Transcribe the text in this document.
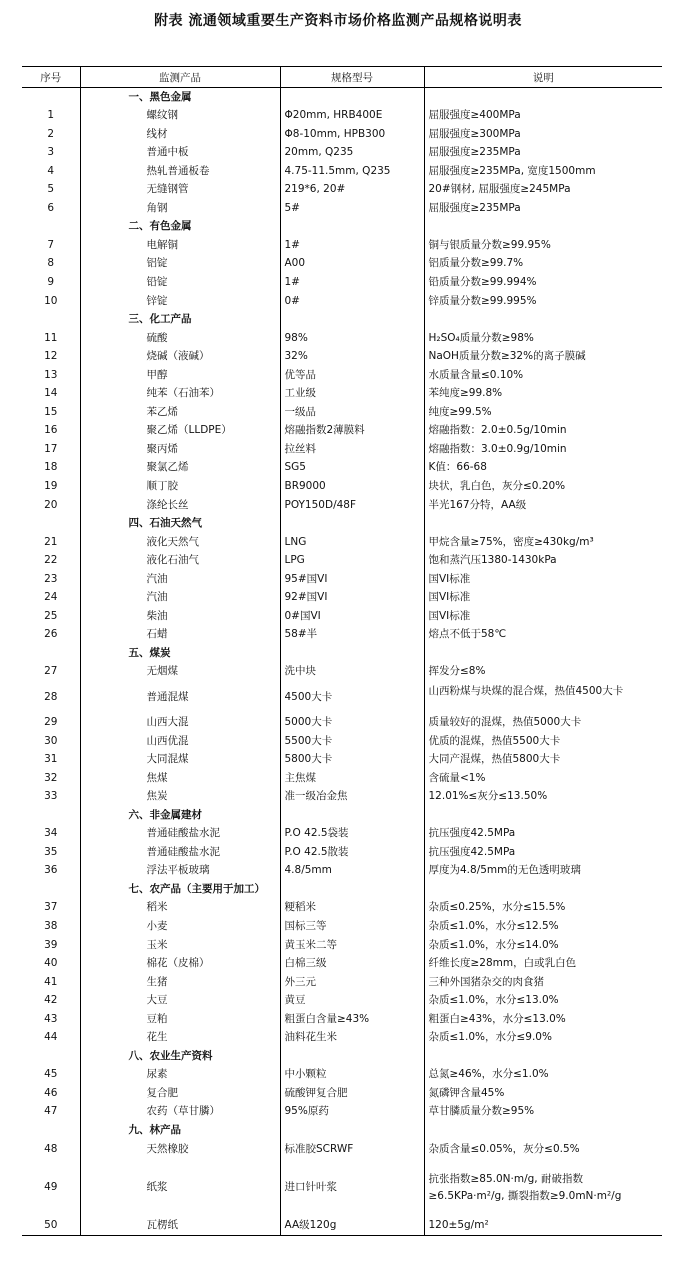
附表 流通领域重要生产资料市场价格监测产品规格说明表
序号	监测产品	规格型号	说明
	一、黑色金属		
1	螺纹钢	Φ20mm, HRB400E	屈服强度≥400MPa
2	线材	Φ8-10mm, HPB300	屈服强度≥300MPa
3	普通中板	20mm, Q235	屈服强度≥235MPa
4	热轧普通板卷	4.75-11.5mm, Q235	屈服强度≥235MPa, 宽度1500mm
5	无缝钢管	219*6, 20#	20#钢材, 屈服强度≥245MPa
6	角钢	5#	屈服强度≥235MPa
	二、有色金属		
7	电解铜	1#	铜与银质量分数≥99.95%
8	铝锭	A00	铝质量分数≥99.7%
9	铅锭	1#	铅质量分数≥99.994%
10	锌锭	0#	锌质量分数≥99.995%
	三、化工产品		
11	硫酸	98%	H₂SO₄质量分数≥98%
12	烧碱（液碱）	32%	NaOH质量分数≥32%的离子膜碱
13	甲醇	优等品	水质量含量≤0.10%
14	纯苯（石油苯）	工业级	苯纯度≥99.8%
15	苯乙烯	一级品	纯度≥99.5%
16	聚乙烯（LLDPE）	熔融指数2薄膜料	熔融指数：2.0±0.5g/10min
17	聚丙烯	拉丝料	熔融指数：3.0±0.9g/10min
18	聚氯乙烯	SG5	K值：66-68
19	顺丁胶	BR9000	块状，乳白色，灰分≤0.20%
20	涤纶长丝	POY150D/48F	半光167分特，AA级
	四、石油天然气		
21	液化天然气	LNG	甲烷含量≥75%，密度≥430kg/m³
22	液化石油气	LPG	饱和蒸汽压1380-1430kPa
23	汽油	95#国VI	国VI标准
24	汽油	92#国VI	国VI标准
25	柴油	0#国VI	国VI标准
26	石蜡	58#半	熔点不低于58℃
	五、煤炭		
27	无烟煤	洗中块	挥发分≤8%
28	普通混煤	4500大卡	山西粉煤与块煤的混合煤，热值4500大卡
29	山西大混	5000大卡	质量较好的混煤，热值5000大卡
30	山西优混	5500大卡	优质的混煤，热值5500大卡
31	大同混煤	5800大卡	大同产混煤，热值5800大卡
32	焦煤	主焦煤	含硫量<1%
33	焦炭	准一级冶金焦	12.01%≤灰分≤13.50%
	六、非金属建材		
34	普通硅酸盐水泥	P.O 42.5袋装	抗压强度42.5MPa
35	普通硅酸盐水泥	P.O 42.5散装	抗压强度42.5MPa
36	浮法平板玻璃	4.8/5mm	厚度为4.8/5mm的无色透明玻璃
	七、农产品（主要用于加工）		
37	稻米	粳稻米	杂质≤0.25%，水分≤15.5%
38	小麦	国标三等	杂质≤1.0%，水分≤12.5%
39	玉米	黄玉米二等	杂质≤1.0%，水分≤14.0%
40	棉花（皮棉）	白棉三级	纤维长度≥28mm，白或乳白色
41	生猪	外三元	三种外国猪杂交的肉食猪
42	大豆	黄豆	杂质≤1.0%，水分≤13.0%
43	豆粕	粗蛋白含量≥43%	粗蛋白≥43%，水分≤13.0%
44	花生	油料花生米	杂质≤1.0%，水分≤9.0%
	八、农业生产资料		
45	尿素	中小颗粒	总氮≥46%，水分≤1.0%
46	复合肥	硫酸钾复合肥	氮磷钾含量45%
47	农药（草甘膦）	95%原药	草甘膦质量分数≥95%
	九、林产品		
48	天然橡胶	标准胶SCRWF	杂质含量≤0.05%，灰分≤0.5%
49	纸浆	进口针叶浆	抗张指数≥85.0N·m/g, 耐破指数≥6.5KPa·m²/g, 撕裂指数≥9.0mN·m²/g
50	瓦楞纸	AA级120g	120±5g/m²
